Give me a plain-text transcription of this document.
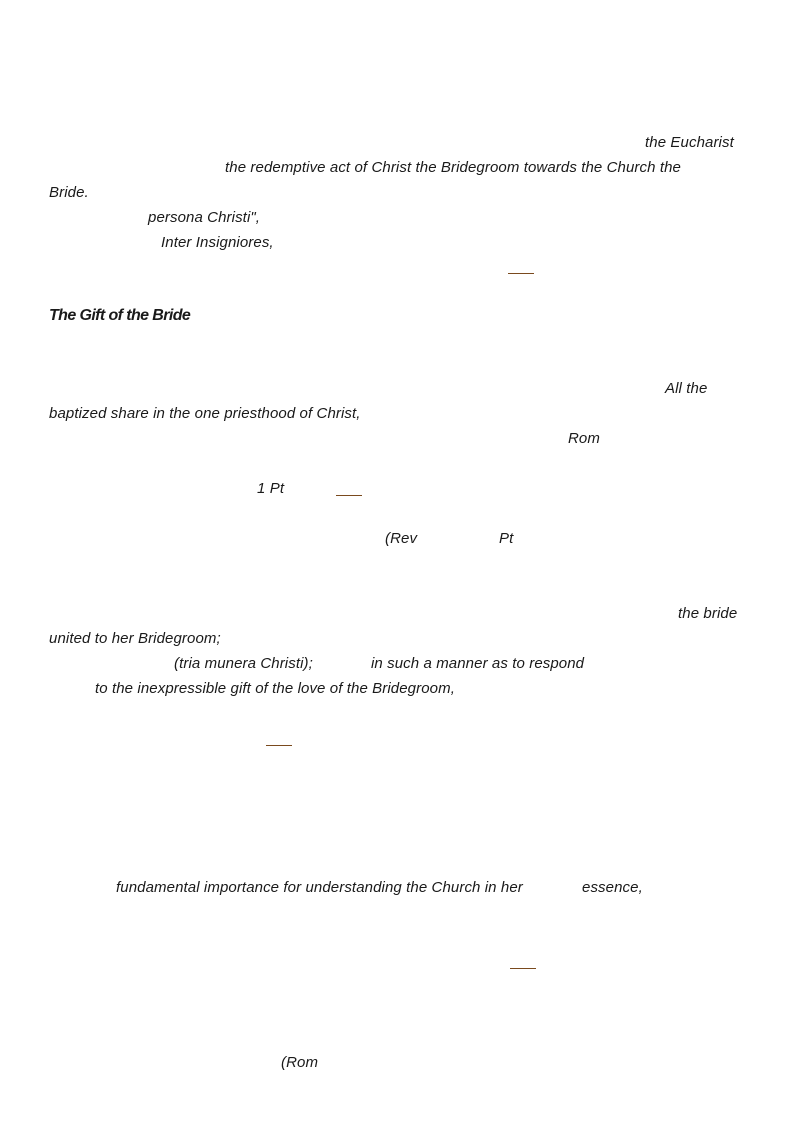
the Eucharist
the redemptive act of Christ the Bridegroom towards the Church the
Bride.
persona Christi",
Inter Insigniores,
The Gift of the Bride
All the
baptized share in the one priesthood of Christ,
Rom
1 Pt
(Rev	Pt
the bride
united to her Bridegroom;
(tria munera Christi);	in such a manner as to respond
to the inexpressible gift of the love of the Bridegroom,
fundamental importance for understanding the Church in her	essence,
(Rom
